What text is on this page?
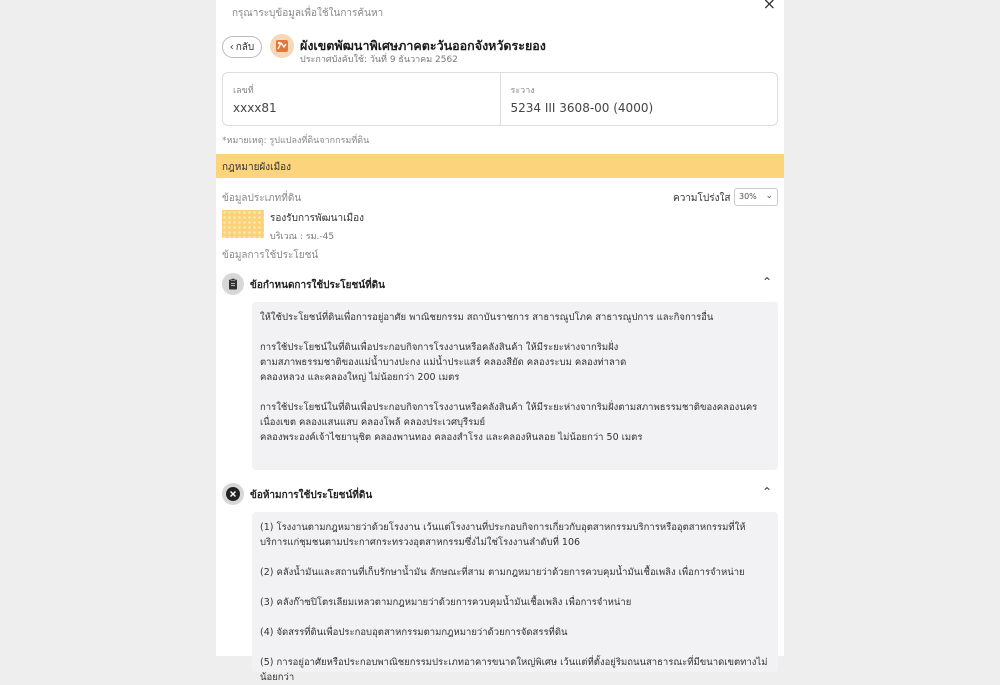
กรุณาระบุข้อมูลเพื่อใช้ในการค้นหา
×
‹ กลับ	ผังเขตพัฒนาพิเศษภาคตะวันออกจังหวัดระยอง
ประกาศบังคับใช้: วันที่ 9 ธันวาคม 2562
เลขที่
xxxx81
ระวาง
5234 III 3608-00 (4000)
*หมายเหตุ: รูปแปลงที่ดินจากกรมที่ดิน
กฎหมายผังเมือง
ข้อมูลประเภทที่ดิน	ความโปร่งใส	30% ⌄
รองรับการพัฒนาเมือง
บริเวณ : รม.-45
ข้อมูลการใช้ประโยชน์
ข้อกำหนดการใช้ประโยชน์ที่ดิน	⌃
ให้ใช้ประโยชน์ที่ดินเพื่อการอยู่อาศัย พาณิชยกรรม สถาบันราชการ สาธารณูปโภค สาธารณูปการ และกิจการอื่น
การใช้ประโยชน์ในที่ดินเพื่อประกอบกิจการโรงงานหรือคลังสินค้า ให้มีระยะห่างจากริมฝั่ง
ตามสภาพธรรมชาติของแม่น้ำบางปะกง แม่น้ำประแสร์ คลองสียัด คลองระบม คลองท่าลาด
คลองหลวง และคลองใหญ่ ไม่น้อยกว่า 200 เมตร
การใช้ประโยชน์ในที่ดินเพื่อประกอบกิจการโรงงานหรือคลังสินค้า ให้มีระยะห่างจากริมฝั่งตามสภาพธรรมชาติของคลองนครเนื่องเขต คลองแสนแสบ คลองโพล้ คลองประเวศบุรีรมย์
คลองพระองค์เจ้าไชยานุชิต คลองพานทอง คลองสำโรง และคลองหินลอย ไม่น้อยกว่า 50 เมตร
ข้อห้ามการใช้ประโยชน์ที่ดิน	⌃
(1) โรงงานตามกฎหมายว่าด้วยโรงงาน เว้นแต่โรงงานที่ประกอบกิจการเกี่ยวกับอุตสาหกรรมบริการหรืออุตสาหกรรมที่ให้บริการแก่ชุมชนตามประกาศกระทรวงอุตสาหกรรมซึ่งไม่ใช่โรงงานลำดับที่ 106
(2) คลังน้ำมันและสถานที่เก็บรักษาน้ำมัน ลักษณะที่สาม ตามกฎหมายว่าด้วยการควบคุมน้ำมันเชื้อเพลิง เพื่อการจำหน่าย
(3) คลังก๊าซปิโตรเลียมเหลวตามกฎหมายว่าด้วยการควบคุมน้ำมันเชื้อเพลิง เพื่อการจำหน่าย
(4) จัดสรรที่ดินเพื่อประกอบอุตสาหกรรมตามกฎหมายว่าด้วยการจัดสรรที่ดิน
(5) การอยู่อาศัยหรือประกอบพาณิชยกรรมประเภทอาคารขนาดใหญ่พิเศษ เว้นแต่ที่ตั้งอยู่ริมถนนสาธารณะที่มีขนาดเขตทางไม่น้อยกว่า
